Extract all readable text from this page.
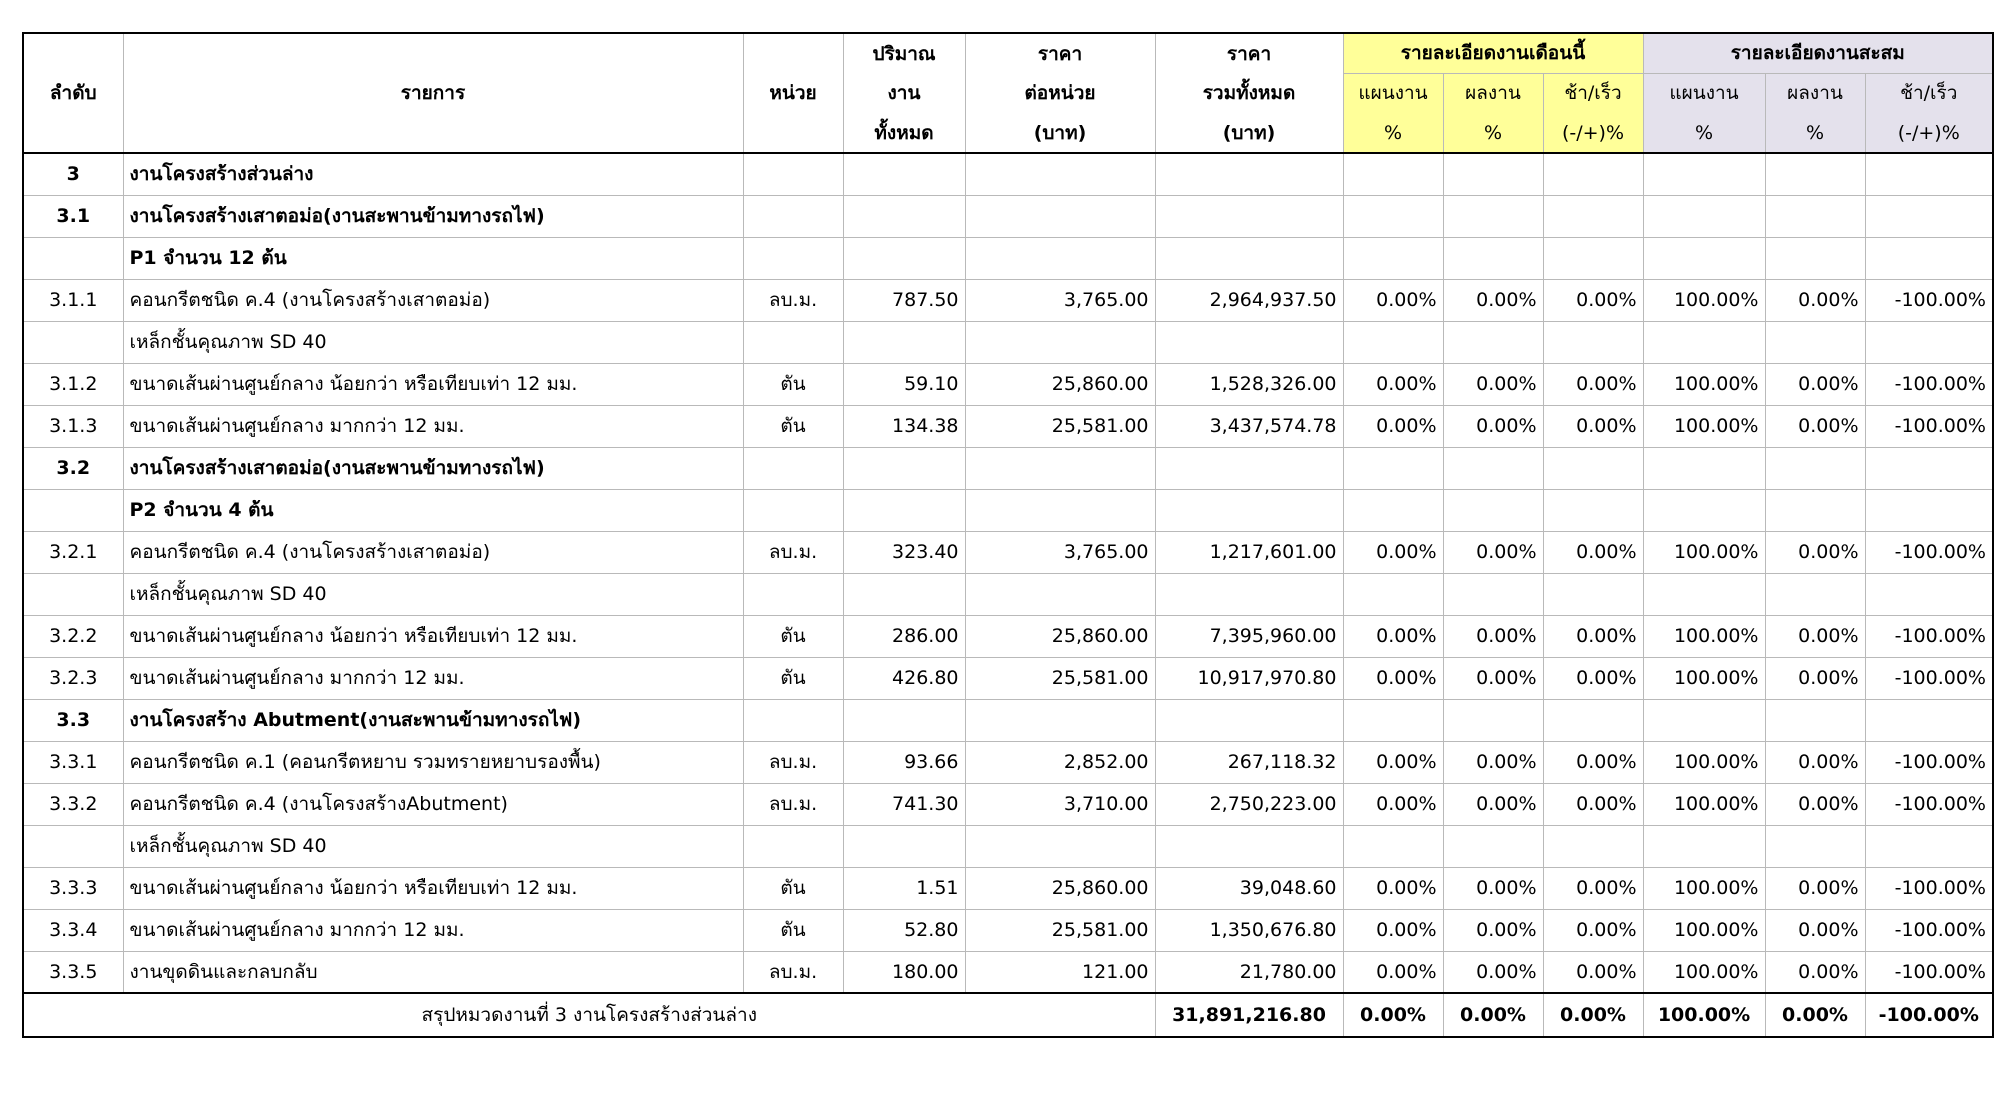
ลำดับ	รายการ	หน่วย	ปริมาณ	ราคา	ราคา	รายละเอียดงานเดือนนี้			รายละเอียดงานสะสม		
			งาน	ต่อหน่วย	รวมทั้งหมด	แผนงาน	ผลงาน	ช้า/เร็ว	แผนงาน	ผลงาน	ช้า/เร็ว
			ทั้งหมด	(บาท)	(บาท)	%	%	(-/+)%	%	%	(-/+)%
3	งานโครงสร้างส่วนล่าง										
3.1	งานโครงสร้างเสาตอม่อ(งานสะพานข้ามทางรถไฟ)										
	P1 จำนวน 12 ต้น										
3.1.1	คอนกรีตชนิด ค.4 (งานโครงสร้างเสาตอม่อ)	ลบ.ม.	787.50	3,765.00	2,964,937.50	0.00%	0.00%	0.00%	100.00%	0.00%	-100.00%
	เหล็กชั้นคุณภาพ SD 40										
3.1.2	ขนาดเส้นผ่านศูนย์กลาง น้อยกว่า หรือเทียบเท่า 12 มม.	ตัน	59.10	25,860.00	1,528,326.00	0.00%	0.00%	0.00%	100.00%	0.00%	-100.00%
3.1.3	ขนาดเส้นผ่านศูนย์กลาง มากกว่า 12 มม.	ตัน	134.38	25,581.00	3,437,574.78	0.00%	0.00%	0.00%	100.00%	0.00%	-100.00%
3.2	งานโครงสร้างเสาตอม่อ(งานสะพานข้ามทางรถไฟ)										
	P2 จำนวน 4 ต้น										
3.2.1	คอนกรีตชนิด ค.4 (งานโครงสร้างเสาตอม่อ)	ลบ.ม.	323.40	3,765.00	1,217,601.00	0.00%	0.00%	0.00%	100.00%	0.00%	-100.00%
	เหล็กชั้นคุณภาพ SD 40										
3.2.2	ขนาดเส้นผ่านศูนย์กลาง น้อยกว่า หรือเทียบเท่า 12 มม.	ตัน	286.00	25,860.00	7,395,960.00	0.00%	0.00%	0.00%	100.00%	0.00%	-100.00%
3.2.3	ขนาดเส้นผ่านศูนย์กลาง มากกว่า 12 มม.	ตัน	426.80	25,581.00	10,917,970.80	0.00%	0.00%	0.00%	100.00%	0.00%	-100.00%
3.3	งานโครงสร้าง Abutment(งานสะพานข้ามทางรถไฟ)										
3.3.1	คอนกรีตชนิด ค.1 (คอนกรีตหยาบ รวมทรายหยาบรองพื้น)	ลบ.ม.	93.66	2,852.00	267,118.32	0.00%	0.00%	0.00%	100.00%	0.00%	-100.00%
3.3.2	คอนกรีตชนิด ค.4 (งานโครงสร้างAbutment)	ลบ.ม.	741.30	3,710.00	2,750,223.00	0.00%	0.00%	0.00%	100.00%	0.00%	-100.00%
	เหล็กชั้นคุณภาพ SD 40										
3.3.3	ขนาดเส้นผ่านศูนย์กลาง น้อยกว่า หรือเทียบเท่า 12 มม.	ตัน	1.51	25,860.00	39,048.60	0.00%	0.00%	0.00%	100.00%	0.00%	-100.00%
3.3.4	ขนาดเส้นผ่านศูนย์กลาง มากกว่า 12 มม.	ตัน	52.80	25,581.00	1,350,676.80	0.00%	0.00%	0.00%	100.00%	0.00%	-100.00%
3.3.5	งานขุดดินและกลบกลับ	ลบ.ม.	180.00	121.00	21,780.00	0.00%	0.00%	0.00%	100.00%	0.00%	-100.00%
สรุปหมวดงานที่ 3 งานโครงสร้างส่วนล่าง					31,891,216.80	0.00%	0.00%	0.00%	100.00%	0.00%	-100.00%
